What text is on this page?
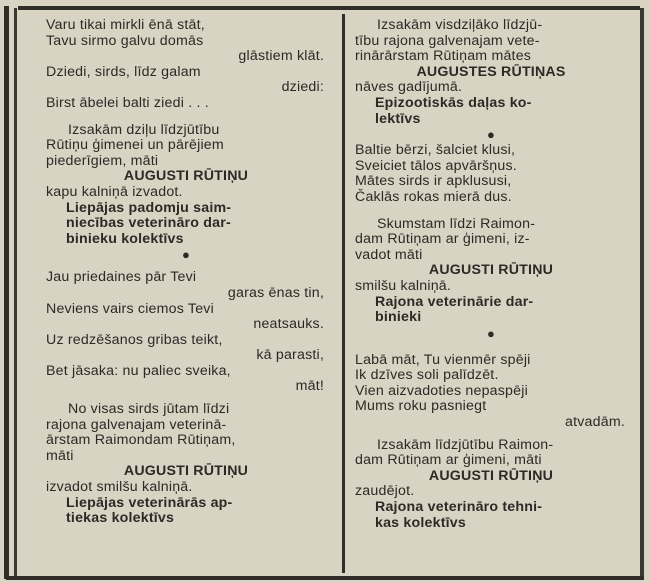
Varu tikai mirkli ēnā stāt,
Tavu sirmo galvu domās
glāstiem klāt.
Dziedi, sirds, līdz galam
dziedi:
Birst ābelei balti ziedi . . .
Izsakām dziļu līdzjūtību
Rūtiņu ģimenei un pārējiem
piederīgiem, māti
AUGUSTI RŪTIŅU
kapu kalniņā izvadot.
Liepājas padomju saim-
niecības veterināro dar-
binieku kolektīvs
●
Jau priedaines pār Tevi
garas ēnas tin,
Neviens vairs ciemos Tevi
neatsauks.
Uz redzēšanos gribas teikt,
kā parasti,
Bet jāsaka: nu paliec sveika,
māt!
No visas sirds jūtam līdzi
rajona galvenajam veterinā-
ārstam Raimondam Rūtiņam,
māti
AUGUSTI RŪTIŅU
izvadot smilšu kalniņā.
Liepājas veterinārās ap-
tiekas kolektīvs
Izsakām visdziļāko līdzjū-
tību rajona galvenajam vete-
rinārārstam Rūtiņam mātes
AUGUSTES RŪTIŅAS
nāves gadījumā.
Epizootiskās daļas ko-
lektīvs
●
Baltie bērzi, šalciet klusi,
Sveiciet tālos apvāršņus.
Mātes sirds ir apklususi,
Čaklās rokas mierā dus.
Skumstam līdzi Raimon-
dam Rūtiņam ar ģimeni, iz-
vadot māti
AUGUSTI RŪTIŅU
smilšu kalniņā.
Rajona veterinārie dar-
binieki
●
Labā māt, Tu vienmēr spēji
Ik dzīves soli palīdzēt.
Vien aizvadoties nepaspēji
Mums roku pasniegt
atvadām.
Izsakām līdzjūtību Raimon-
dam Rūtiņam ar ģimeni, māti
AUGUSTI RŪTIŅU
zaudējot.
Rajona veterināro tehni-
kas kolektīvs
